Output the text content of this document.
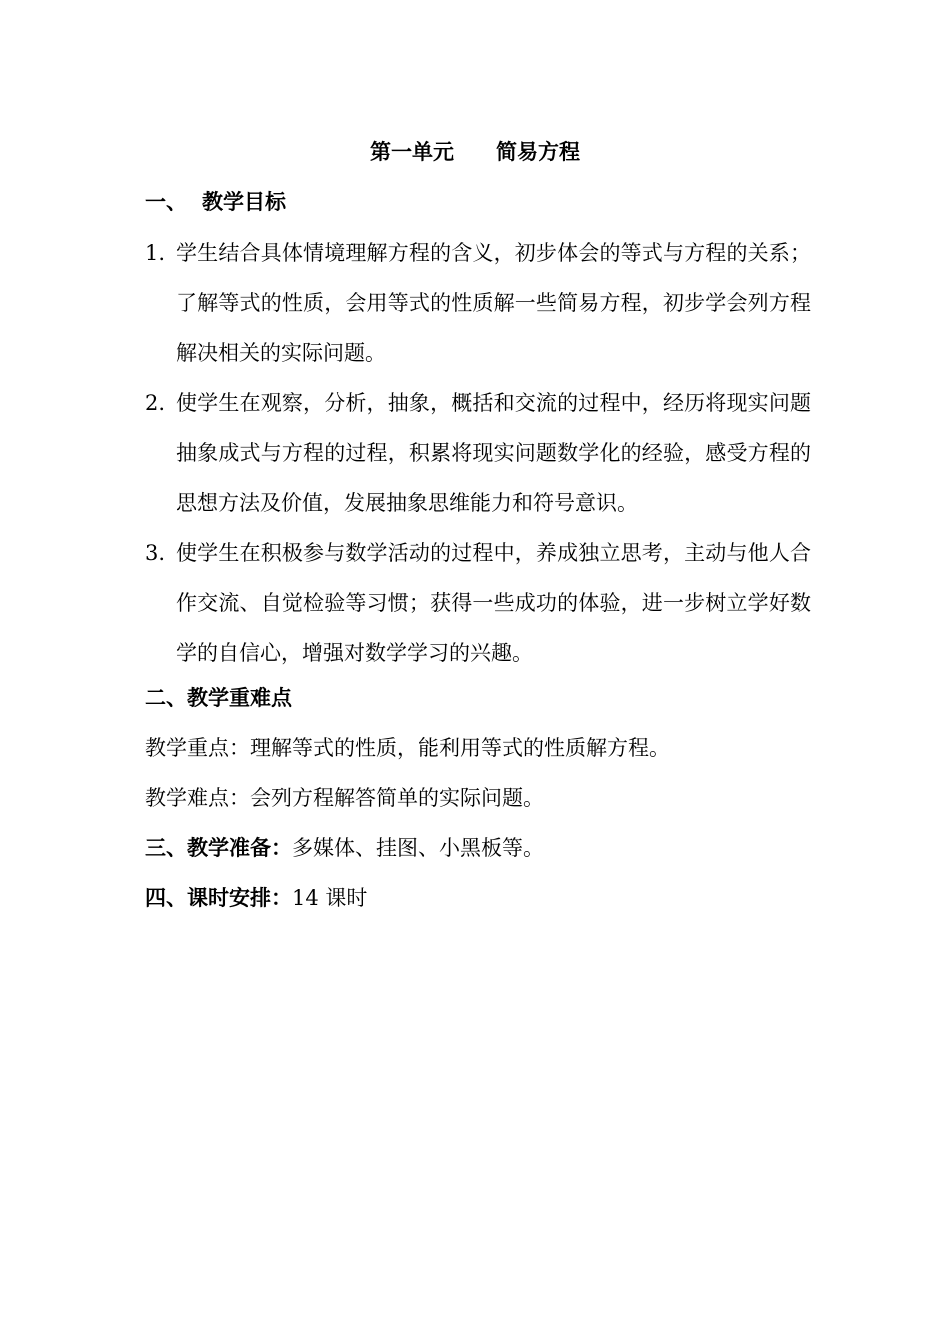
第一单元　　简易方程
一、 教学目标
1. 学生结合具体情境理解方程的含义，初步体会的等式与方程的关系；了解等式的性质，会用等式的性质解一些简易方程，初步学会列方程解决相关的实际问题。
2. 使学生在观察，分析，抽象，概括和交流的过程中，经历将现实问题抽象成式与方程的过程，积累将现实问题数学化的经验，感受方程的思想方法及价值，发展抽象思维能力和符号意识。
3. 使学生在积极参与数学活动的过程中，养成独立思考，主动与他人合作交流、自觉检验等习惯；获得一些成功的体验，进一步树立学好数学的自信心，增强对数学学习的兴趣。
二、教学重难点
教学重点：理解等式的性质，能利用等式的性质解方程。
教学难点：会列方程解答简单的实际问题。
三、教学准备：多媒体、挂图、小黑板等。
四、课时安排：14 课时
